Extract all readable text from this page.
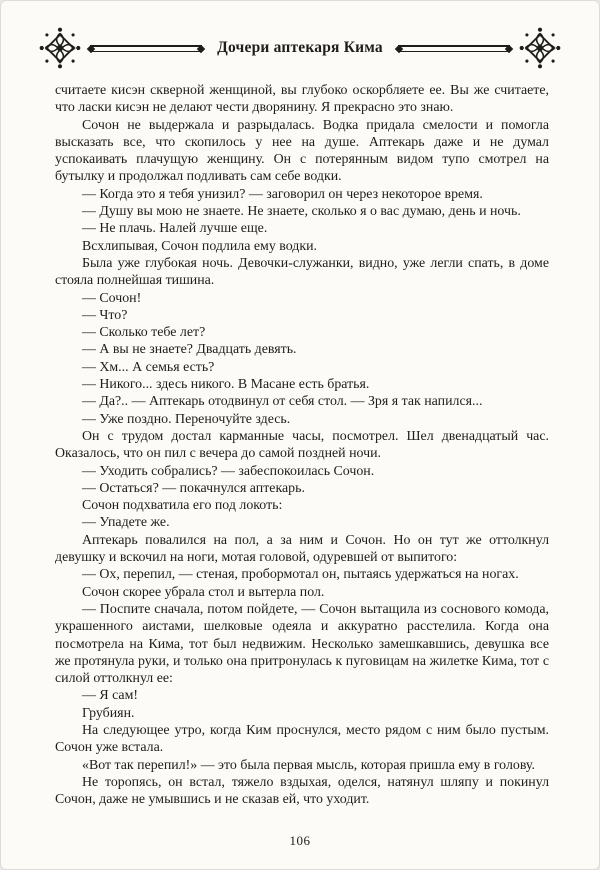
Дочери аптекаря Кима

считаете кисэн скверной женщиной, вы глубоко оскорбляете ее. Вы же считаете, что ласки кисэн не делают чести дворянину. Я прекрасно это знаю.

Сочон не выдержала и разрыдалась. Водка придала смелости и помогла высказать все, что скопилось у нее на душе. Аптекарь даже и не думал успокаивать плачущую женщину. Он с потерянным видом тупо смотрел на бутылку и продолжал подливать сам себе водки.

— Когда это я тебя унизил? — заговорил он через некоторое время.

— Душу вы мою не знаете. Не знаете, сколько я о вас думаю, день и ночь.

— Не плачь. Налей лучше еще.

Всхлипывая, Сочон подлила ему водки.

Была уже глубокая ночь. Девочки-служанки, видно, уже легли спать, в доме стояла полнейшая тишина.

— Сочон!

— Что?

— Сколько тебе лет?

— А вы не знаете? Двадцать девять.

— Хм... А семья есть?

— Никого... здесь никого. В Масане есть братья.

— Да?.. — Аптекарь отодвинул от себя стол. — Зря я так напился...

— Уже поздно. Переночуйте здесь.

Он с трудом достал карманные часы, посмотрел. Шел двенадцатый час. Оказалось, что он пил с вечера до самой поздней ночи.

— Уходить собрались? — забеспокоилась Сочон.

— Остаться? — покачнулся аптекарь.

Сочон подхватила его под локоть:

— Упадете же.

Аптекарь повалился на пол, а за ним и Сочон. Но он тут же оттолкнул девушку и вскочил на ноги, мотая головой, одуревшей от выпитого:

— Ох, перепил, — стеная, пробормотал он, пытаясь удержаться на ногах.

Сочон скорее убрала стол и вытерла пол.

— Поспите сначала, потом пойдете, — Сочон вытащила из соснового комода, украшенного аистами, шелковые одеяла и аккуратно расстелила. Когда она посмотрела на Кима, тот был недвижим. Несколько замешкавшись, девушка все же протянула руки, и только она притронулась к пуговицам на жилетке Кима, тот с силой оттолкнул ее:

— Я сам!

Грубиян.

На следующее утро, когда Ким проснулся, место рядом с ним было пустым. Сочон уже встала.

«Вот так перепил!» — это была первая мысль, которая пришла ему в голову.

Не торопясь, он встал, тяжело вздыхая, оделся, натянул шляпу и покинул Сочон, даже не умывшись и не сказав ей, что уходит.

106
